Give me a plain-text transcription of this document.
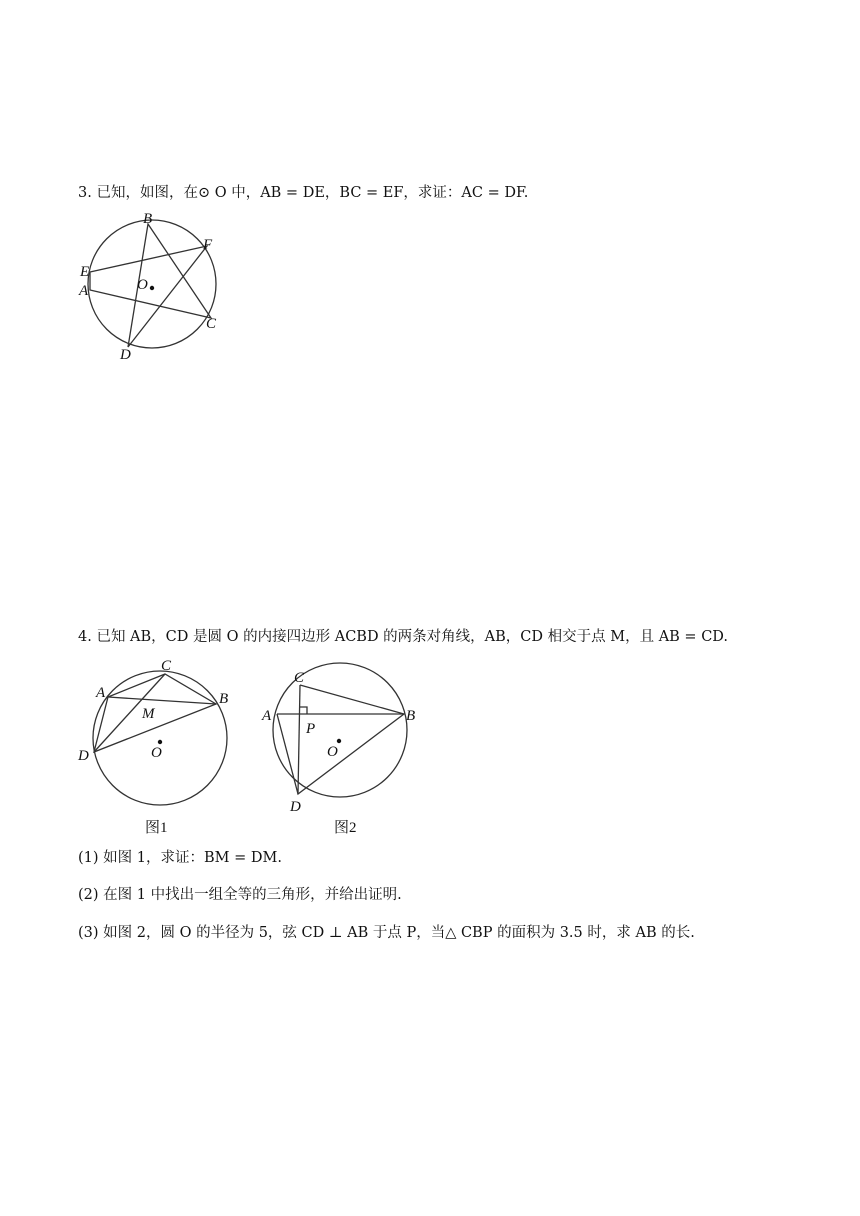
3. 已知，如图，在⊙ O 中，AB = DE，BC = EF，求证：AC = DF.
B
F
E
A	O
C
D
4. 已知 AB，CD 是圆 O 的内接四边形 ACBD 的两条对角线，AB，CD 相交于点 M，且 AB = CD.
C
A	B
M
D	O
图1
C
A	B
P
D
O
图2
(1) 如图 1，求证：BM = DM.
(2) 在图 1 中找出一组全等的三角形，并给出证明.
(3) 如图 2，圆 O 的半径为 5，弦 CD ⊥ AB 于点 P，当△ CBP 的面积为 3.5 时，求 AB 的长.
